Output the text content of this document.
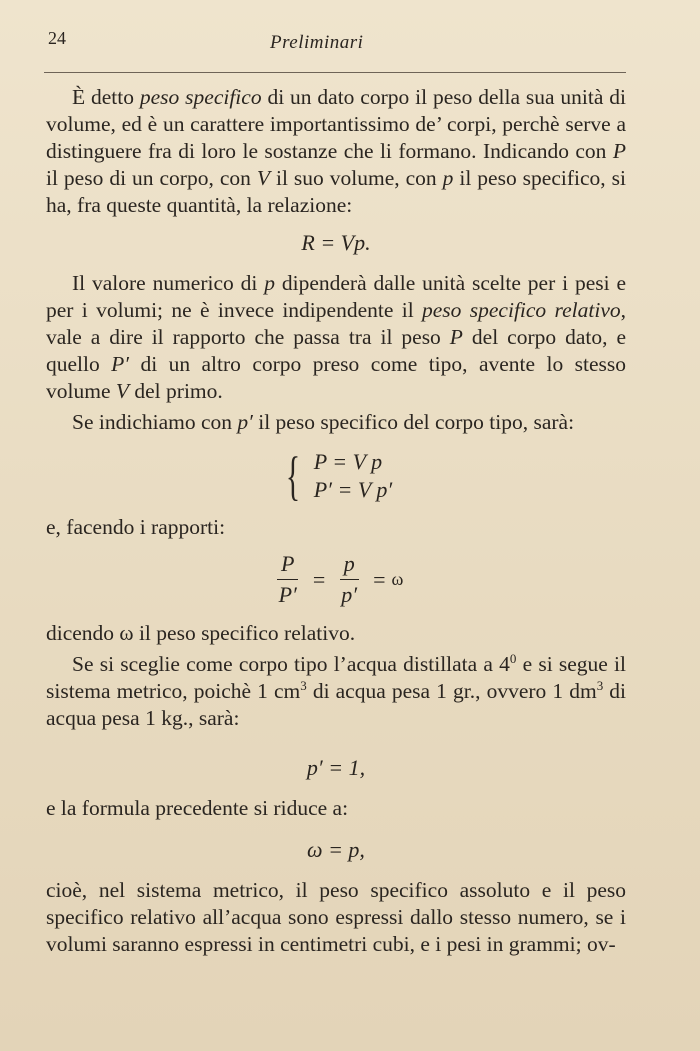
24	Preliminari

È detto peso specifico di un dato corpo il peso della sua unità di volume, ed è un carattere importantissimo de’ corpi, perchè serve a distinguere fra di loro le sostanze che li formano. Indicando con P il peso di un corpo, con V il suo volume, con p il peso specifico, si ha, fra queste quantità, la relazione:

R = Vp.

Il valore numerico di p dipenderà dalle unità scelte per i pesi e per i volumi; ne è invece indipendente il peso specifico relativo, vale a dire il rapporto che passa tra il peso P del corpo dato, e quello P′ di un altro corpo preso come tipo, avente lo stesso volume V del primo.

Se indichiamo con p′ il peso specifico del corpo tipo, sarà:

{ P = V p
P′ = V p′

e, facendo i rapporti:

$\frac{P}{P'} = \frac{p}{p'} = \omega$

dicendo ω il peso specifico relativo.

Se si sceglie come corpo tipo l’acqua distillata a $4^0$ e si segue il sistema metrico, poichè 1 $cm^3$ di acqua pesa 1 gr., ovvero 1 $dm^3$ di acqua pesa 1 kg., sarà:

p′ = 1,

e la formula precedente si riduce a:

ω = p,

cioè, nel sistema metrico, il peso specifico assoluto e il peso specifico relativo all’acqua sono espressi dallo stesso numero, se i volumi saranno espressi in centimetri cubi, e i pesi in grammi; ov-
